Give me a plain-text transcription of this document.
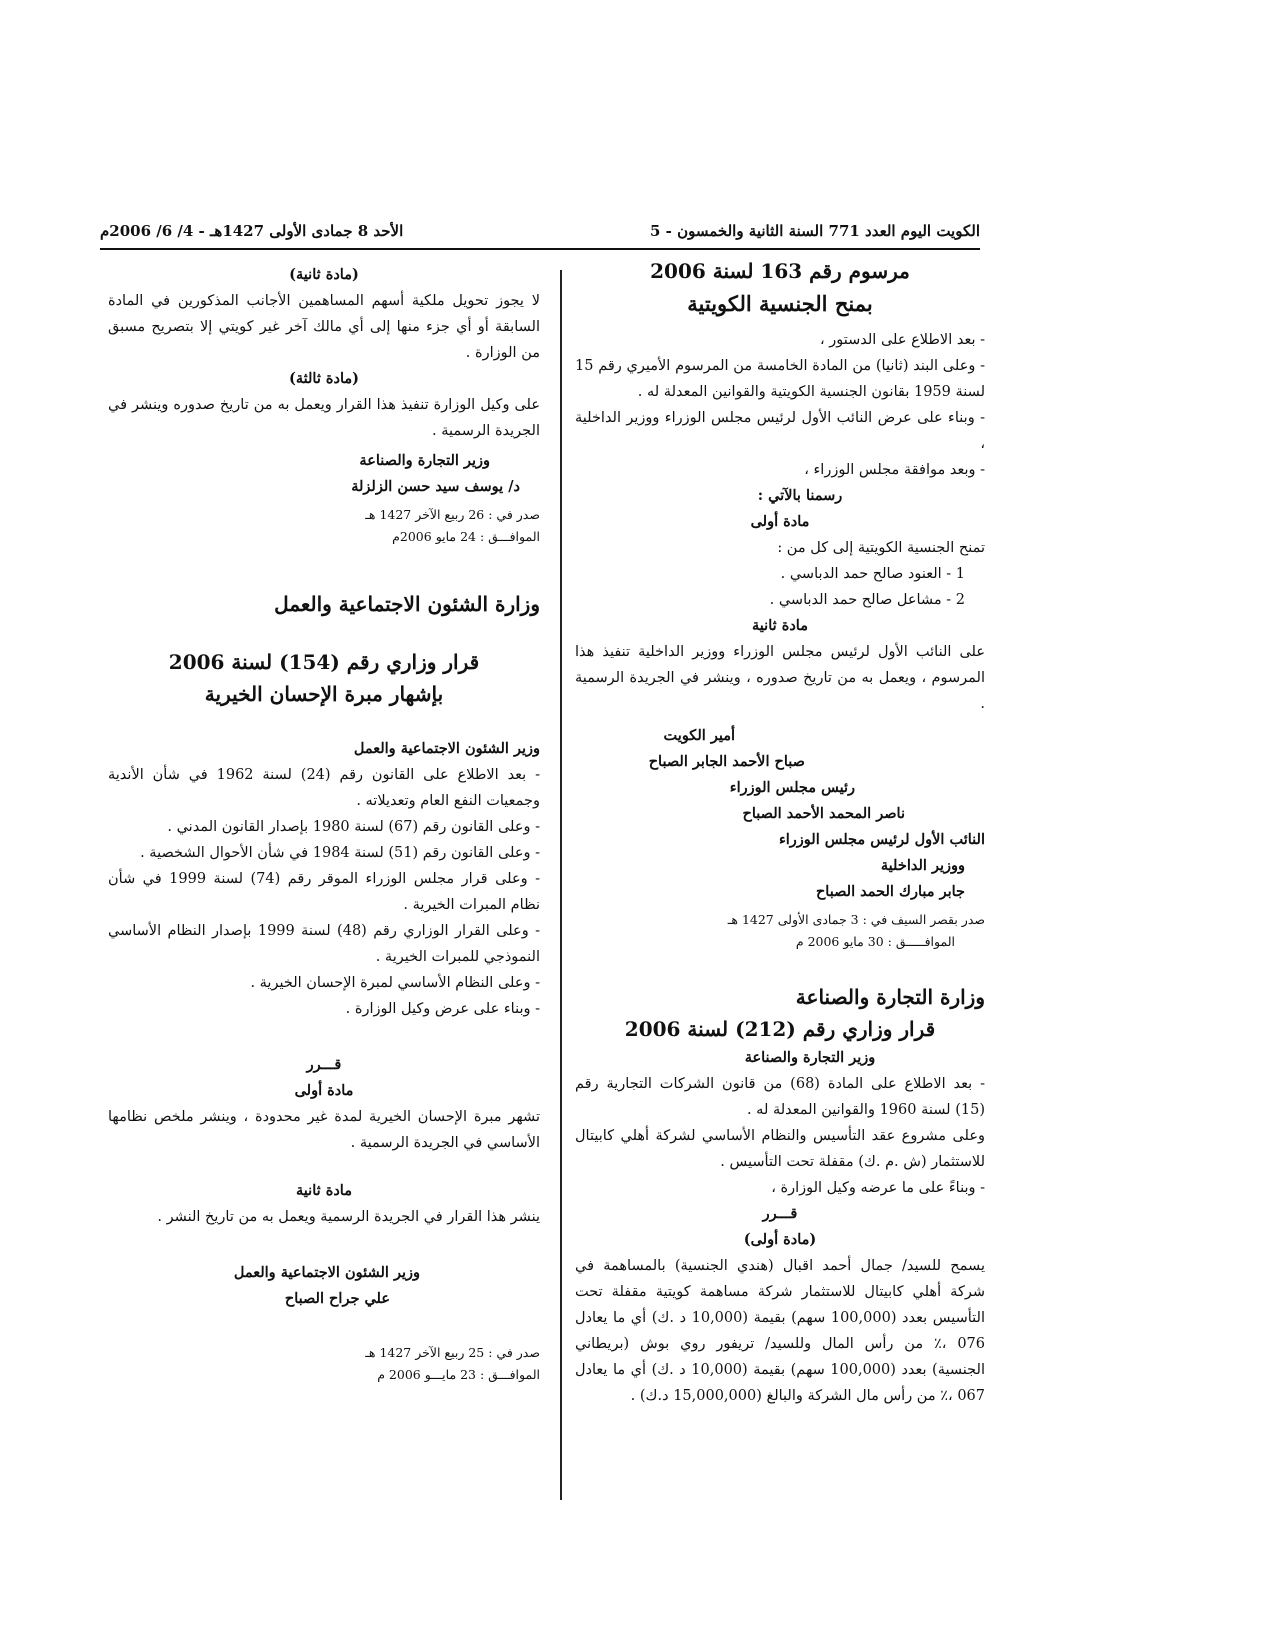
الكويت اليوم العدد 771 السنة الثانية والخمسون - 5
الأحد 8 جمادى الأولى 1427هـ - 4/ 6/ 2006م
مرسوم رقم 163 لسنة 2006
بمنح الجنسية الكويتية

- بعد الاطلاع على الدستور ،

- وعلى البند (ثانيا) من المادة الخامسة من المرسوم الأميري رقم 15 لسنة 1959 بقانون الجنسية الكويتية والقوانين المعدلة له .

- وبناء على عرض النائب الأول لرئيس مجلس الوزراء ووزير الداخلية ،

- وبعد موافقة مجلس الوزراء ،

رسمنا بالآتي :
مادة أولى

تمنح الجنسية الكويتية إلى كل من :

1 - العنود صالح حمد الدباسي .

2 - مشاعل صالح حمد الدباسي .

مادة ثانية

على النائب الأول لرئيس مجلس الوزراء ووزير الداخلية تنفيذ هذا المرسوم ، ويعمل به من تاريخ صدوره ، وينشر في الجريدة الرسمية .

أمير الكويت
صباح الأحمد الجابر الصباح
رئيس مجلس الوزراء
ناصر المحمد الأحمد الصباح
النائب الأول لرئيس مجلس الوزراء
ووزير الداخلية
جابر مبارك الحمد الصباح
صدر بقصر السيف في : 3 جمادى الأولى 1427 هـ
الموافـــــق : 30 مايو 2006 م
وزارة التجارة والصناعة
قرار وزاري رقم (212) لسنة 2006
وزير التجارة والصناعة

- بعد الاطلاع على المادة (68) من قانون الشركات التجارية رقم (15) لسنة 1960 والقوانين المعدلة له .

وعلى مشروع عقد التأسيس والنظام الأساسي لشركة أهلي كابيتال للاستثمار (ش .م .ك) مقفلة تحت التأسيس .

- وبناءً على ما عرضه وكيل الوزارة ،

قـــرر
(مادة أولى)

يسمح للسيد/ جمال أحمد اقبال (هندي الجنسية) بالمساهمة في شركة أهلي كابيتال للاستثمار شركة مساهمة كويتية مقفلة تحت التأسيس بعدد (100,000 سهم) بقيمة (10,000 د .ك) أي ما يعادل 076 ،٪ من رأس المال وللسيد/ تريفور روي بوش (بريطاني الجنسية) بعدد (100,000 سهم) بقيمة (10,000 د .ك) أي ما يعادل 067 ،٪ من رأس مال الشركة والبالغ (15,000,000 د.ك) .

(مادة ثانية)

لا يجوز تحويل ملكية أسهم المساهمين الأجانب المذكورين في المادة السابقة أو أي جزء منها إلى أي مالك آخر غير كويتي إلا بتصريح مسبق من الوزارة .

(مادة ثالثة)

على وكيل الوزارة تنفيذ هذا القرار ويعمل به من تاريخ صدوره وينشر في الجريدة الرسمية .

وزير التجارة والصناعة
د/ يوسف سيد حسن الزلزلة
صدر في : 26 ربيع الآخر 1427 هـ
الموافـــق : 24 مايو 2006م
وزارة الشئون الاجتماعية والعمل
قرار وزاري رقم (154) لسنة 2006
بإشهار مبرة الإحسان الخيرية
وزير الشئون الاجتماعية والعمل

- بعد الاطلاع على القانون رقم (24) لسنة 1962 في شأن الأندية وجمعيات النفع العام وتعديلاته .

- وعلى القانون رقم (67) لسنة 1980 بإصدار القانون المدني .

- وعلى القانون رقم (51) لسنة 1984 في شأن الأحوال الشخصية .

- وعلى قرار مجلس الوزراء الموقر رقم (74) لسنة 1999 في شأن نظام المبرات الخيرية .

- وعلى القرار الوزاري رقم (48) لسنة 1999 بإصدار النظام الأساسي النموذجي للمبرات الخيرية .

- وعلى النظام الأساسي لمبرة الإحسان الخيرية .

- وبناء على عرض وكيل الوزارة .

قـــرر
مادة أولى

تشهر مبرة الإحسان الخيرية لمدة غير محدودة ، وينشر ملخص نظامها الأساسي في الجريدة الرسمية .

مادة ثانية

ينشر هذا القرار في الجريدة الرسمية ويعمل به من تاريخ النشر .

وزير الشئون الاجتماعية والعمل
علي جراح الصباح
صدر في : 25 ربيع الآخر 1427 هـ
الموافـــق : 23 مايـــو 2006 م
